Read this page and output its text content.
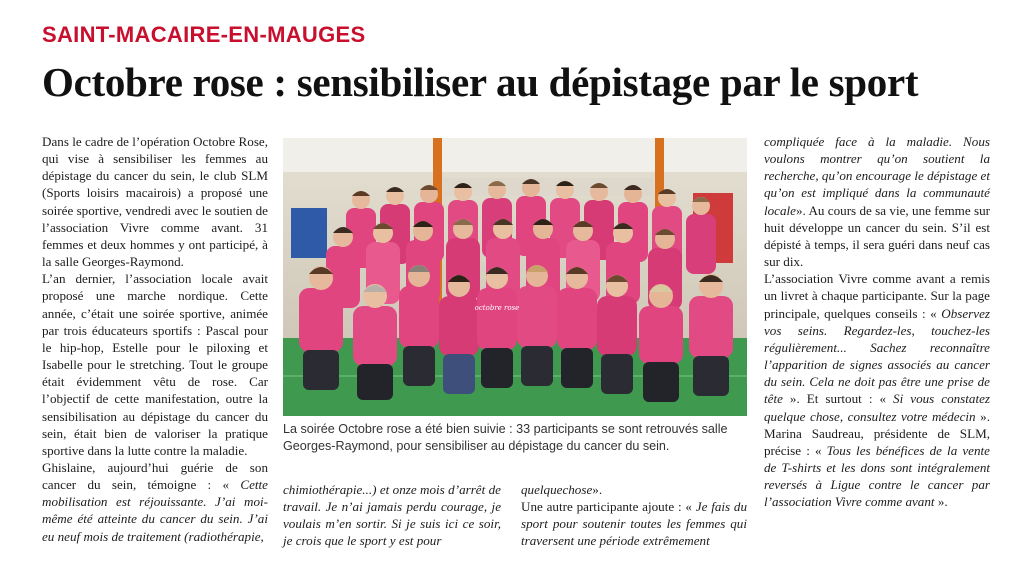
SAINT-MACAIRE-EN-MAUGES
Octobre rose : sensibiliser au dépistage par le sport

Dans le cadre de l’opération Octobre Rose, qui vise à sensibiliser les femmes au dépistage du cancer du sein, le club SLM (Sports loisirs macairois) a proposé une soirée sportive, vendredi avec le soutien de l’association Vivre comme avant. 31 femmes et deux hommes y ont participé, à la salle Georges-Raymond.

L’an dernier, l’association locale avait proposé une marche nordique. Cette année, c’était une soirée sportive, animée par trois éducateurs sportifs : Pascal pour le hip-hop, Estelle pour le piloxing et Isabelle pour le stretching. Tout le groupe était évidemment vêtu de rose. Car l’objectif de cette manifestation, outre la sensibilisation au dépistage du cancer du sein, était bien de valoriser la pratique sportive dans la lutte contre la maladie.

Ghislaine, aujourd’hui guérie de son cancer du sein, témoigne : « Cette mobilisation est réjouissante. J’ai moi-même été atteinte du cancer du sein. J’ai eu neuf mois de traitement (radiothérapie,

octobre rose
La soirée Octobre rose a été bien suivie : 33 participants se sont retrouvés salle Georges-Raymond, pour sensibiliser au dépistage du cancer du sein.

chimiothérapie...) et onze mois d’arrêt de travail. Je n’ai jamais perdu courage, je voulais m’en sortir. Si je suis ici ce soir, je crois que le sport y est pour

quelquechose».

Une autre participante ajoute : « Je fais du sport pour soutenir toutes les femmes qui traversent une période extrêmement

compliquée face à la maladie. Nous voulons montrer qu’on soutient la recherche, qu’on encourage le dépistage et qu’on est impliqué dans la communauté locale». Au cours de sa vie, une femme sur huit développe un cancer du sein. S’il est dépisté à temps, il sera guéri dans neuf cas sur dix.

L’association Vivre comme avant a remis un livret à chaque participante. Sur la page principale, quelques conseils : « Observez vos seins. Regardez-les, touchez-les régulièrement... Sachez reconnaître l’apparition de signes associés au cancer du sein. Cela ne doit pas être une prise de tête ». Et surtout : « Si vous constatez quelque chose, consultez votre médecin ». Marina Saudreau, présidente de SLM, précise : « Tous les bénéfices de la vente de T-shirts et les dons sont intégralement reversés à Ligue contre le cancer par l’association Vivre comme avant ».
